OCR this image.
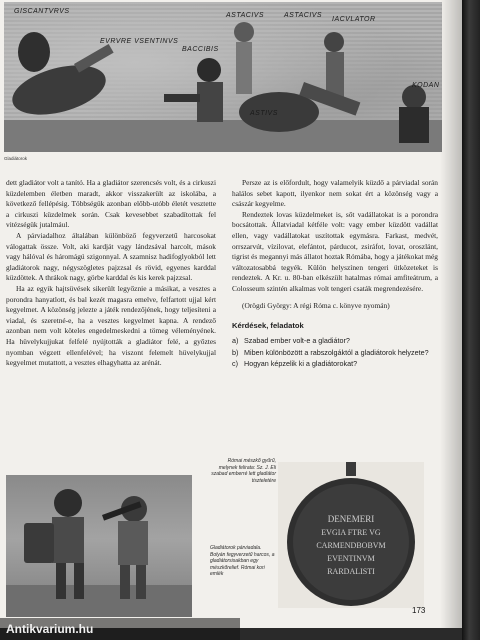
GISCANTVRVS
EVRVRE VSENTINVS
BACCIBIS
ASTACIVS	ASTACIVS
IACVLATOR
ASTIVS
KODAN
Gladiátorok

dett gladiátor volt a tanító. Ha a gladiátor szerencsés volt, és a cirkuszi küzdelemben életben maradt, akkor visszakerült az iskolába, a következő fellépésig. Többségük azonban előbb-utóbb életét vesztette a cirkuszi küzdelmek során. Csak kevesebbet szabadítottak fel vitézségük jutalmául.

A párviadalhoz általában különböző fegyverzetű harcosokat válogattak össze. Volt, aki kardját vagy lándzsával harcolt, mások vagy hálóval és háromágú szigonnyal. A szamnisz hadifoglyokból lett gladiátorok nagy, négyszögletes pajzzsal és rövid, egyenes karddal küzdöttek. A thrákok nagy, görbe karddal és kis kerek pajzzsal.

Ha az egyik hajtsüvések sikerült legyőznie a másikat, a vesztes a porondra hanyatlott, és bal kezét magasra emelve, felfartott ujjal kért kegyelmet. A közönség jelezte a játék rendezőjének, hogy teljesíteni a viadal, és szeretné-e, ha a vesztes kegyelmet kapna. A rendező azonban nem volt köteles engedelmeskedni a tömeg véleményének. Ha hüvelykujjukat felfelé nyújtották a gladiátor felé, a győztes nyomban végzett ellenfelével; ha viszont felemelt hüvelykujjal kegyelmet mutattott, a vesztes elhagyhatta az arénát.

Persze az is előfordult, hogy valamelyik küzdő a párviadal során halálos sebet kapott, ilyenkor nem sokat ért a közönség vagy a császár kegyelme.

Rendeztek lovas küzdelmeket is, sőt vadállatokat is a porondra bocsátottak. Állatviadal kétféle volt: vagy ember küzdött vadállat ellen, vagy vadállatokat uszítottak egymásra. Farkast, medvét, orrszarvút, vízilovat, elefántot, párducot, zsiráfot, lovat, oroszlánt, tigrist és megannyi más állatot hoztak Rómába, hogy a játékokat még változatosabbá tegyék. Külön helyszínen tengeri ütközeteket is rendeztek. A Kr. u. 80-ban elkészült hatalmas római amfiteátrum, a Colosseum szintén alkalmas volt tengeri csaták megrendezésére.

(Orögdi György: A régi Róma c. könyve nyomán)

Kérdések, feladatok
a) Szabad ember volt-e a gladiátor?
b) Miben különbözött a rabszolgáktól a gladiátorok helyzete?
c) Hogyan képzelik ki a gladiátorokat?
Római mészkő gyűrű, melynek felirata: Sz. J. Eli szabad emberré lett gladiátor tiszteletére
Gladiátorok párviadala. Bolyán fegyverzetű harcos, a gladiátorsisakban egy mészkőrelief. Római kori emlék
DENEMERI
EVGIA FTRE VG
CARMENDBOBVM
EVENTINVM
RARDALISTI
173
Antikvarium.hu
